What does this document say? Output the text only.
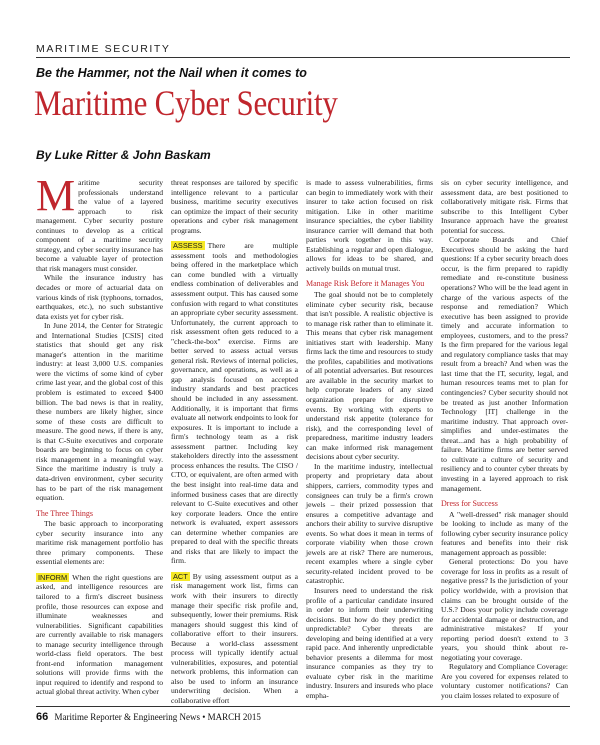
MARITIME SECURITY
Be the Hammer, not the Nail when it comes to
Maritime Cyber Security
By Luke Ritter & John Baskam

Maritime security professionals understand the value of a layered approach to risk management. Cyber security posture continues to develop as a critical component of a maritime security strategy, and cyber security insurance has become a valuable layer of protection that risk managers must consider.

While the insurance industry has decades or more of actuarial data on various kinds of risk (typhoons, tornados, earthquakes, etc.), no such substantive data exists yet for cyber risk.

In June 2014, the Center for Strategic and International Studies [CSIS] cited statistics that should get any risk manager's attention in the maritime industry: at least 3,000 U.S. companies were the victims of some kind of cyber crime last year, and the global cost of this problem is estimated to exceed $400 billion. The bad news is that in reality, these numbers are likely higher, since some of these costs are difficult to measure. The good news, if there is any, is that C-Suite executives and corporate boards are beginning to focus on cyber risk management in a meaningful way. Since the maritime industry is truly a data-driven environment, cyber security has to be part of the risk management equation.

The Three Things

The basic approach to incorporating cyber security insurance into any maritime risk management portfolio has three primary components. These essential elements are:

INFORM When the right questions are asked, and intelligence resources are tailored to a firm's discreet business profile, those resources can expose and illuminate weaknesses and vulnerabilities. Significant capabilities are currently available to risk managers to manage security intelligence through world-class field operators. The best front-end information management solutions will provide firms with the input required to identify and respond to actual global threat activity. When cyber

threat responses are tailored by specific intelligence relevant to a particular business, maritime security executives can optimize the impact of their security operations and cyber risk management programs.

ASSESS There are multiple assessment tools and methodologies being offered in the marketplace which can come bundled with a virtually endless combination of deliverables and assessment output. This has caused some confusion with regard to what constitutes an appropriate cyber security assessment. Unfortunately, the current approach to risk assessment often gets reduced to a "check-the-box" exercise. Firms are better served to assess actual versus general risk. Reviews of internal policies, governance, and operations, as well as a gap analysis focused on accepted industry standards and best practices should be included in any assessment. Additionally, it is important that firms evaluate all network endpoints to look for exposures. It is important to include a firm's technology team as a risk assessment partner. Including key stakeholders directly into the assessment process enhances the results. The CISO / CTO, or equivalent, are often armed with the best insight into real-time data and informed business cases that are directly relevant to C-Suite executives and other key corporate leaders. Once the entire network is evaluated, expert assessors can determine whether companies are prepared to deal with the specific threats and risks that are likely to impact the firm.

ACT By using assessment output as a risk management work list, firms can work with their insurers to directly manage their specific risk profile and, subsequently, lower their premiums. Risk managers should suggest this kind of collaborative effort to their insurers. Because a world-class assessment process will typically identify actual vulnerabilities, exposures, and potential network problems, this information can also be used to inform an insurance underwriting decision. When a collaborative effort

is made to assess vulnerabilities, firms can begin to immediately work with their insurer to take action focused on risk mitigation. Like in other maritime insurance specialties, the cyber liability insurance carrier will demand that both parties work together in this way. Establishing a regular and open dialogue, allows for ideas to be shared, and actively builds on mutual trust.

Manage Risk Before it Manages You

The goal should not be to completely eliminate cyber security risk, because that isn't possible. A realistic objective is to manage risk rather than to eliminate it. This means that cyber risk management initiatives start with leadership. Many firms lack the time and resources to study the profiles, capabilities and motivations of all potential adversaries. But resources are available in the security market to help corporate leaders of any sized organization prepare for disruptive events. By working with experts to understand risk appetite (tolerance for risk), and the corresponding level of preparedness, maritime industry leaders can make informed risk management decisions about cyber security.

In the maritime industry, intellectual property and proprietary data about shippers, carriers, commodity types and consignees can truly be a firm's crown jewels – their prized possession that ensures a competitive advantage and anchors their ability to survive disruptive events. So what does it mean in terms of corporate viability when those crown jewels are at risk? There are numerous, recent examples where a single cyber security-related incident proved to be catastrophic.

Insurers need to understand the risk profile of a particular candidate insured in order to inform their underwriting decisions. But how do they predict the unpredictable? Cyber threats are developing and being identified at a very rapid pace. And inherently unpredictable behavior presents a dilemma for most insurance companies as they try to evaluate cyber risk in the maritime industry. Insurers and insureds who place empha-

sis on cyber security intelligence, and assessment data, are best positioned to collaboratively mitigate risk. Firms that subscribe to this Intelligent Cyber Insurance approach have the greatest potential for success.

Corporate Boards and Chief Executives should be asking the hard questions: If a cyber security breach does occur, is the firm prepared to rapidly remediate and re-constitute business operations? Who will be the lead agent in charge of the various aspects of the response and remediation? Which executive has been assigned to provide timely and accurate information to employees, customers, and to the press? Is the firm prepared for the various legal and regulatory compliance tasks that may result from a breach? And when was the last time that the IT, security, legal, and human resources teams met to plan for contingencies? Cyber security should not be treated as just another Information Technology [IT] challenge in the maritime industry. That approach over-simplifies and under-estimates the threat...and has a high probability of failure. Maritime firms are better served to cultivate a culture of security and resiliency and to counter cyber threats by investing in a layered approach to risk management.

Dress for Success

A "well-dressed" risk manager should be looking to include as many of the following cyber security insurance policy features and benefits into their risk management approach as possible:

General protections: Do you have coverage for loss in profits as a result of negative press? Is the jurisdiction of your policy worldwide, with a provision that claims can be brought outside of the U.S.? Does your policy include coverage for accidental damage or destruction, and administrative mistakes? If your reporting period doesn't extend to 3 years, you should think about re-negotiating your coverage.

Regulatory and Compliance Coverage: Are you covered for expenses related to voluntary customer notifications? Can you claim losses related to exposure of

66 Maritime Reporter & Engineering News • MARCH 2015
